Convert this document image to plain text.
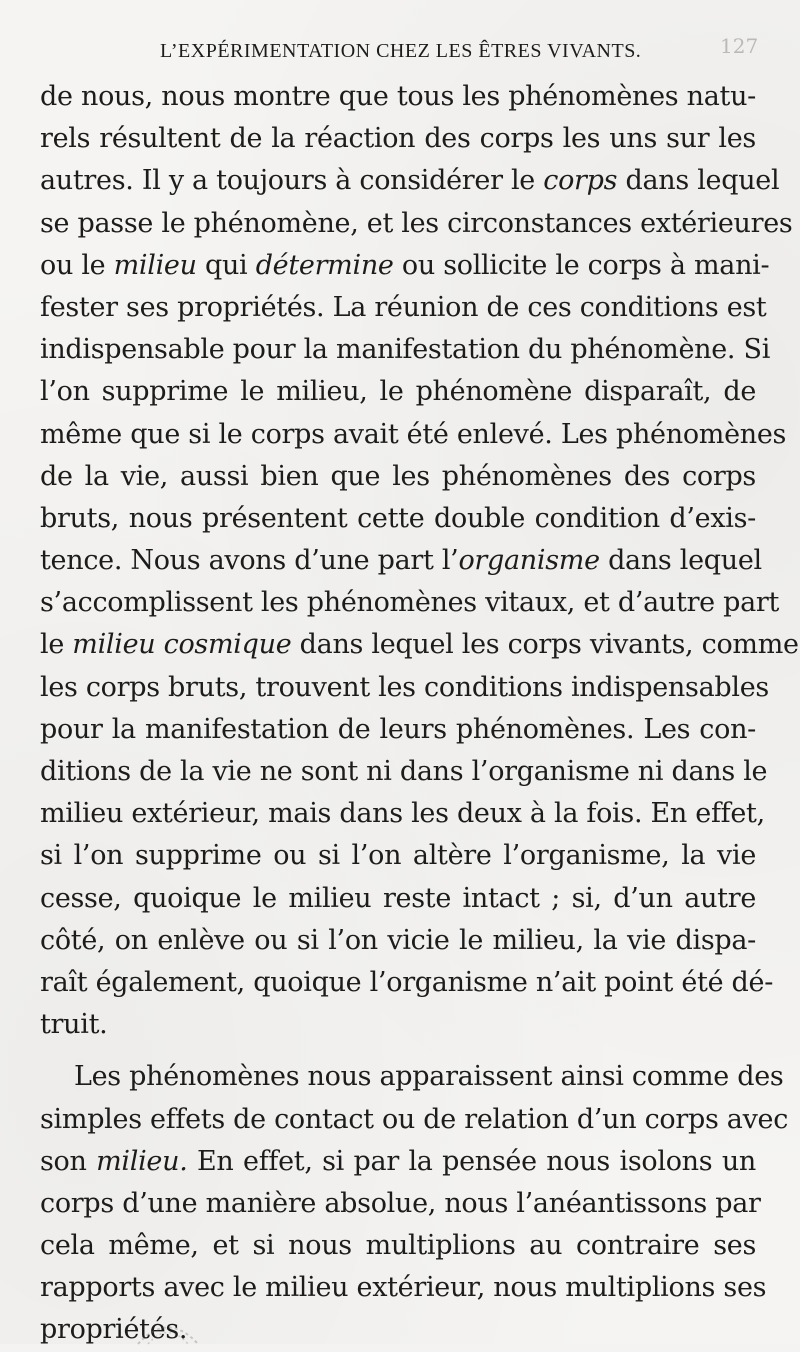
127
L’EXPÉRIMENTATION CHEZ LES ÊTRES VIVANTS.
de nous, nous montre que tous les phénomènes natu-
rels résultent de la réaction des corps les uns sur les
autres. Il y a toujours à considérer le corps dans lequel
se passe le phénomène, et les circonstances extérieures
ou le milieu qui détermine ou sollicite le corps à mani-
fester ses propriétés. La réunion de ces conditions est
indispensable pour la manifestation du phénomène. Si
l’on supprime le milieu, le phénomène disparaît, de
même que si le corps avait été enlevé. Les phénomènes
de la vie, aussi bien que les phénomènes des corps
bruts, nous présentent cette double condition d’exis-
tence. Nous avons d’une part l’organisme dans lequel
s’accomplissent les phénomènes vitaux, et d’autre part
le milieu cosmique dans lequel les corps vivants, comme
les corps bruts, trouvent les conditions indispensables
pour la manifestation de leurs phénomènes. Les con-
ditions de la vie ne sont ni dans l’organisme ni dans le
milieu extérieur, mais dans les deux à la fois. En effet,
si l’on supprime ou si l’on altère l’organisme, la vie
cesse, quoique le milieu reste intact ; si, d’un autre
côté, on enlève ou si l’on vicie le milieu, la vie dispa-
raît également, quoique l’organisme n’ait point été dé-
truit.
Les phénomènes nous apparaissent ainsi comme des
simples effets de contact ou de relation d’un corps avec
son milieu. En effet, si par la pensée nous isolons un
corps d’une manière absolue, nous l’anéantissons par
cela même, et si nous multiplions au contraire ses
rapports avec le milieu extérieur, nous multiplions ses
propriétés.
